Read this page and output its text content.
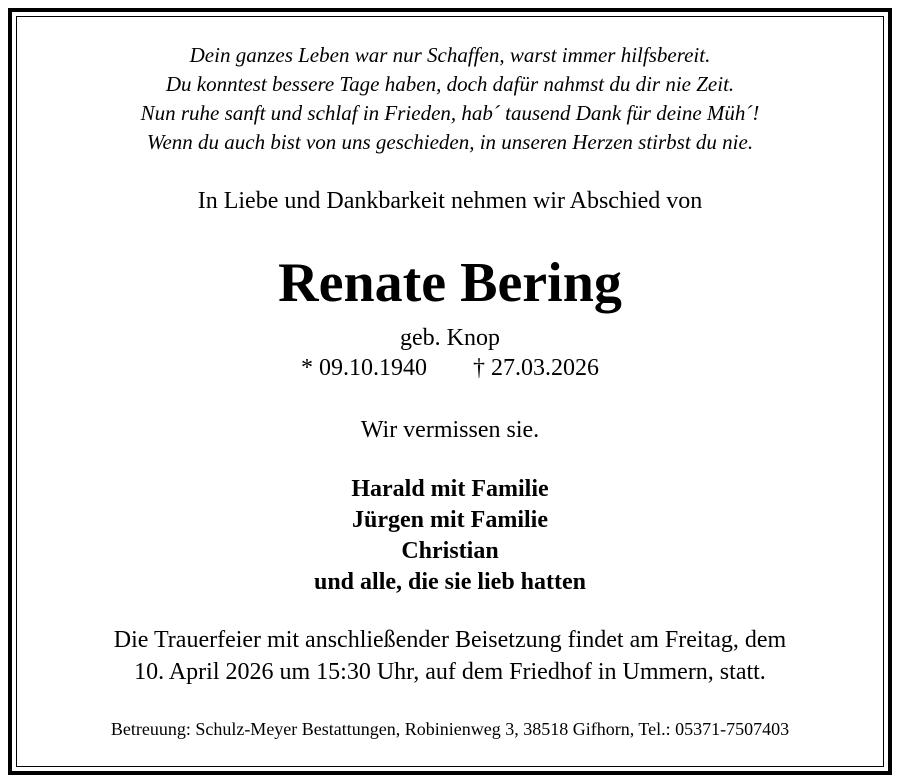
Dein ganzes Leben war nur Schaffen, warst immer hilfsbereit.
Du konntest bessere Tage haben, doch dafür nahmst du dir nie Zeit.
Nun ruhe sanft und schlaf in Frieden, hab´ tausend Dank für deine Müh´!
Wenn du auch bist von uns geschieden, in unseren Herzen stirbst du nie.
In Liebe und Dankbarkeit nehmen wir Abschied von
Renate Bering
geb. Knop
* 09.10.1940 † 27.03.2026
Wir vermissen sie.
Harald mit Familie
Jürgen mit Familie
Christian
und alle, die sie lieb hatten
Die Trauerfeier mit anschließender Beisetzung findet am Freitag, dem
10. April 2026 um 15:30 Uhr, auf dem Friedhof in Ummern, statt.
Betreuung: Schulz-Meyer Bestattungen, Robinienweg 3, 38518 Gifhorn, Tel.: 05371-7507403
